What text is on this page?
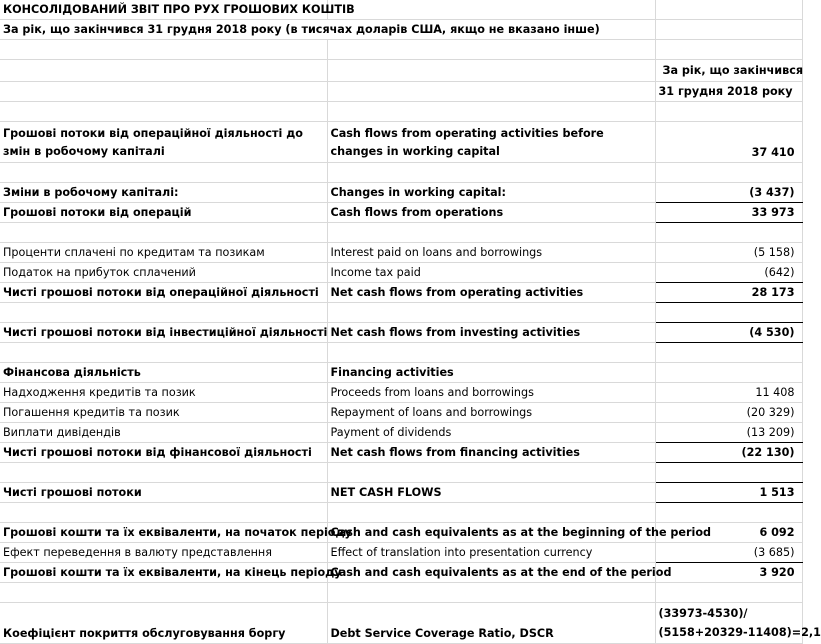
КОНСОЛІДОВАНИЙ ЗВІТ ПРО РУХ ГРОШОВИХ КОШТІВ		
За рік, що закінчився 31 грудня 2018 року (в тисячах доларів США, якщо не вказано інше)		

		За рік, що закінчився
		31 грудня 2018 року

Грошові потоки від операційної діяльності до змін в робочому капіталі	Cash flows from operating activities before changes in working capital	37 410

Зміни в робочому капіталі:	Changes in working capital:	(3 437)
Грошові потоки від операцій	Cash flows from operations	33 973

Проценти сплачені по кредитам та позикам	Interest paid on loans and borrowings	(5 158)
Податок на прибуток сплачений	Income tax paid	(642)
Чисті грошові потоки від операційної діяльності	Net cash flows from operating activities	28 173

Чисті грошові потоки від інвестиційної діяльності	Net cash flows from investing activities	(4 530)

Фінансова діяльність	Financing activities	
Надходження кредитів та позик	Proceeds from loans and borrowings	11 408
Погашення кредитів та позик	Repayment of loans and borrowings	(20 329)
Виплати дивідендів	Payment of dividends	(13 209)
Чисті грошові потоки від фінансової діяльності	Net cash flows from financing activities	(22 130)

Чисті грошові потоки	NET CASH FLOWS	1 513

Грошові кошти та їх еквіваленти, на початок періоду	Cash and cash equivalents as at the beginning of the period	6 092
Ефект переведення в валюту представлення	Effect of translation into presentation currency	(3 685)
Грошові кошти та їх еквіваленти, на кінець періоду	Cash and cash equivalents as at the end of the period	3 920

Коефіцієнт покриття обслуговування боргу	Debt Service Coverage Ratio, DSCR	(33973-4530)/
(5158+20329-11408)=2,1
